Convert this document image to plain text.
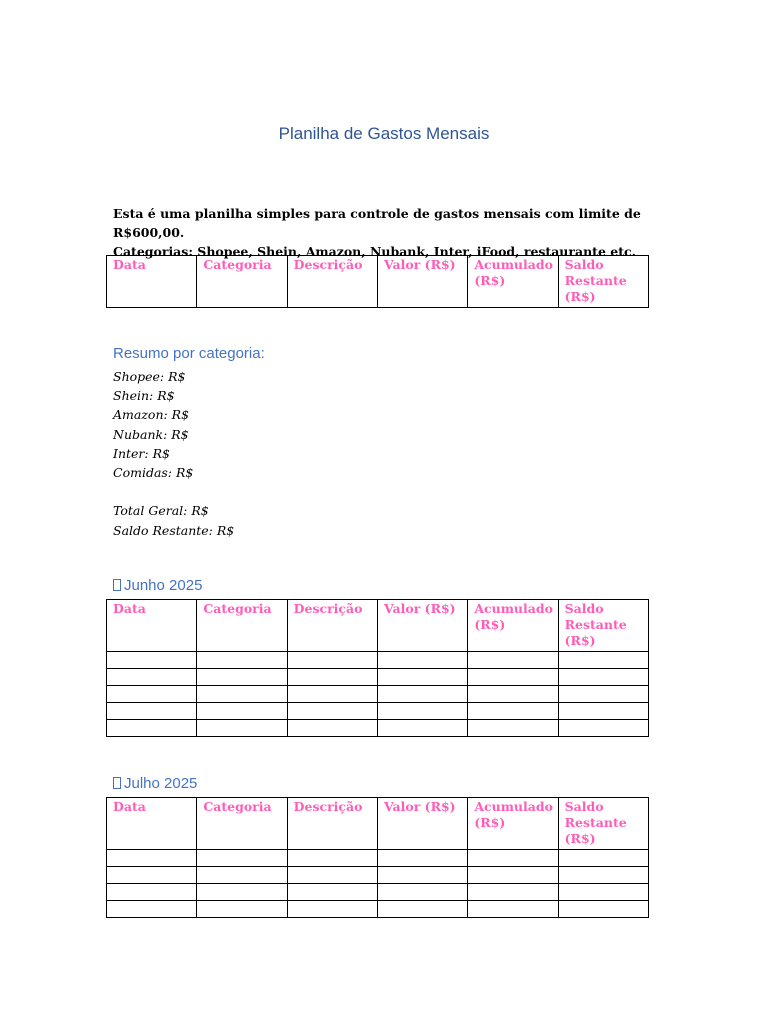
Planilha de Gastos Mensais

Esta é uma planilha simples para controle de gastos mensais com limite de R$600,00.

Categorias: Shopee, Shein, Amazon, Nubank, Inter, iFood, restaurante etc.

Data	Categoria	Descrição	Valor (R$)	Acumulado (R$)	Saldo Restante (R$)
Resumo por categoria:
Shopee: R$
Shein: R$
Amazon: R$
Nubank: R$
Inter: R$
Comidas: R$
Total Geral: R$
Saldo Restante: R$
Junho 2025
Data	Categoria	Descrição	Valor (R$)	Acumulado (R$)	Saldo Restante (R$)

Julho 2025
Data	Categoria	Descrição	Valor (R$)	Acumulado (R$)	Saldo Restante (R$)
